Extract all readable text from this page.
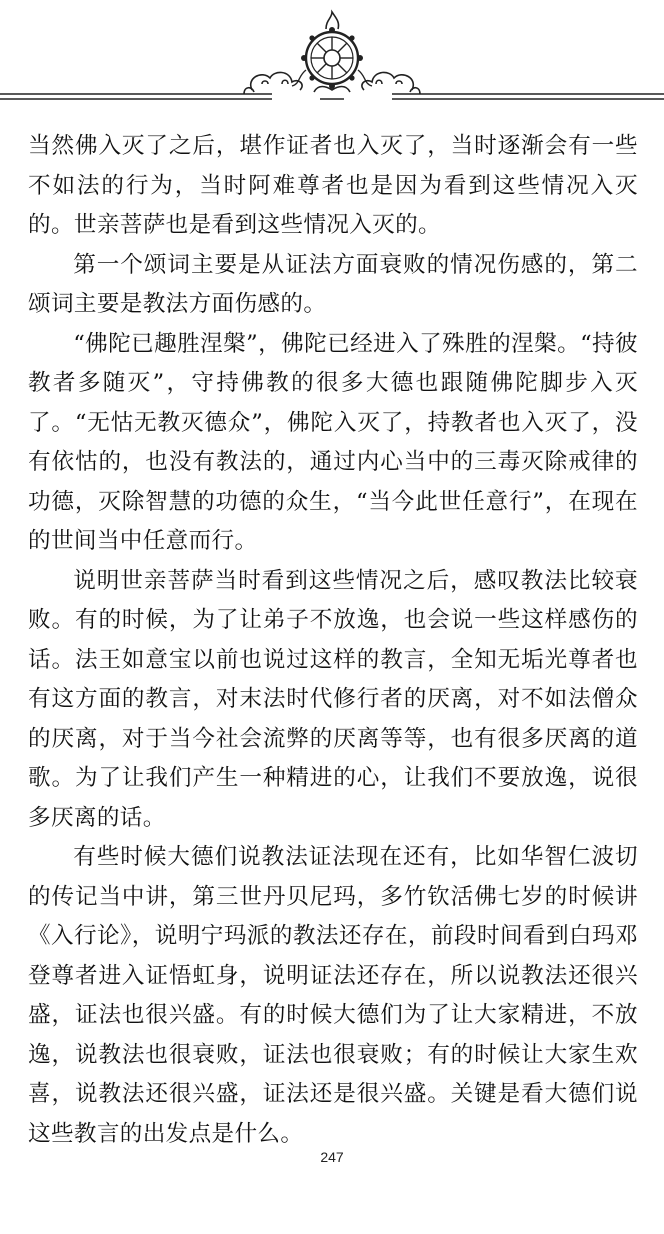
当然佛入灭了之后，堪作证者也入灭了，当时逐渐会有一些不如法的行为，当时阿难尊者也是因为看到这些情况入灭的。世亲菩萨也是看到这些情况入灭的。

第一个颂词主要是从证法方面衰败的情况伤感的，第二颂词主要是教法方面伤感的。

“佛陀已趣胜涅槃”，佛陀已经进入了殊胜的涅槃。“持彼教者多随灭”，守持佛教的很多大德也跟随佛陀脚步入灭了。“无怙无教灭德众”，佛陀入灭了，持教者也入灭了，没有依怙的，也没有教法的，通过内心当中的三毒灭除戒律的功德，灭除智慧的功德的众生，“当今此世任意行”，在现在的世间当中任意而行。

说明世亲菩萨当时看到这些情况之后，感叹教法比较衰败。有的时候，为了让弟子不放逸，也会说一些这样感伤的话。法王如意宝以前也说过这样的教言，全知无垢光尊者也有这方面的教言，对末法时代修行者的厌离，对不如法僧众的厌离，对于当今社会流弊的厌离等等，也有很多厌离的道歌。为了让我们产生一种精进的心，让我们不要放逸，说很多厌离的话。

有些时候大德们说教法证法现在还有，比如华智仁波切的传记当中讲，第三世丹贝尼玛，多竹钦活佛七岁的时候讲《入行论》，说明宁玛派的教法还存在，前段时间看到白玛邓登尊者进入证悟虹身，说明证法还存在，所以说教法还很兴盛，证法也很兴盛。有的时候大德们为了让大家精进，不放逸，说教法也很衰败，证法也很衰败；有的时候让大家生欢喜，说教法还很兴盛，证法还是很兴盛。关键是看大德们说这些教言的出发点是什么。

247
